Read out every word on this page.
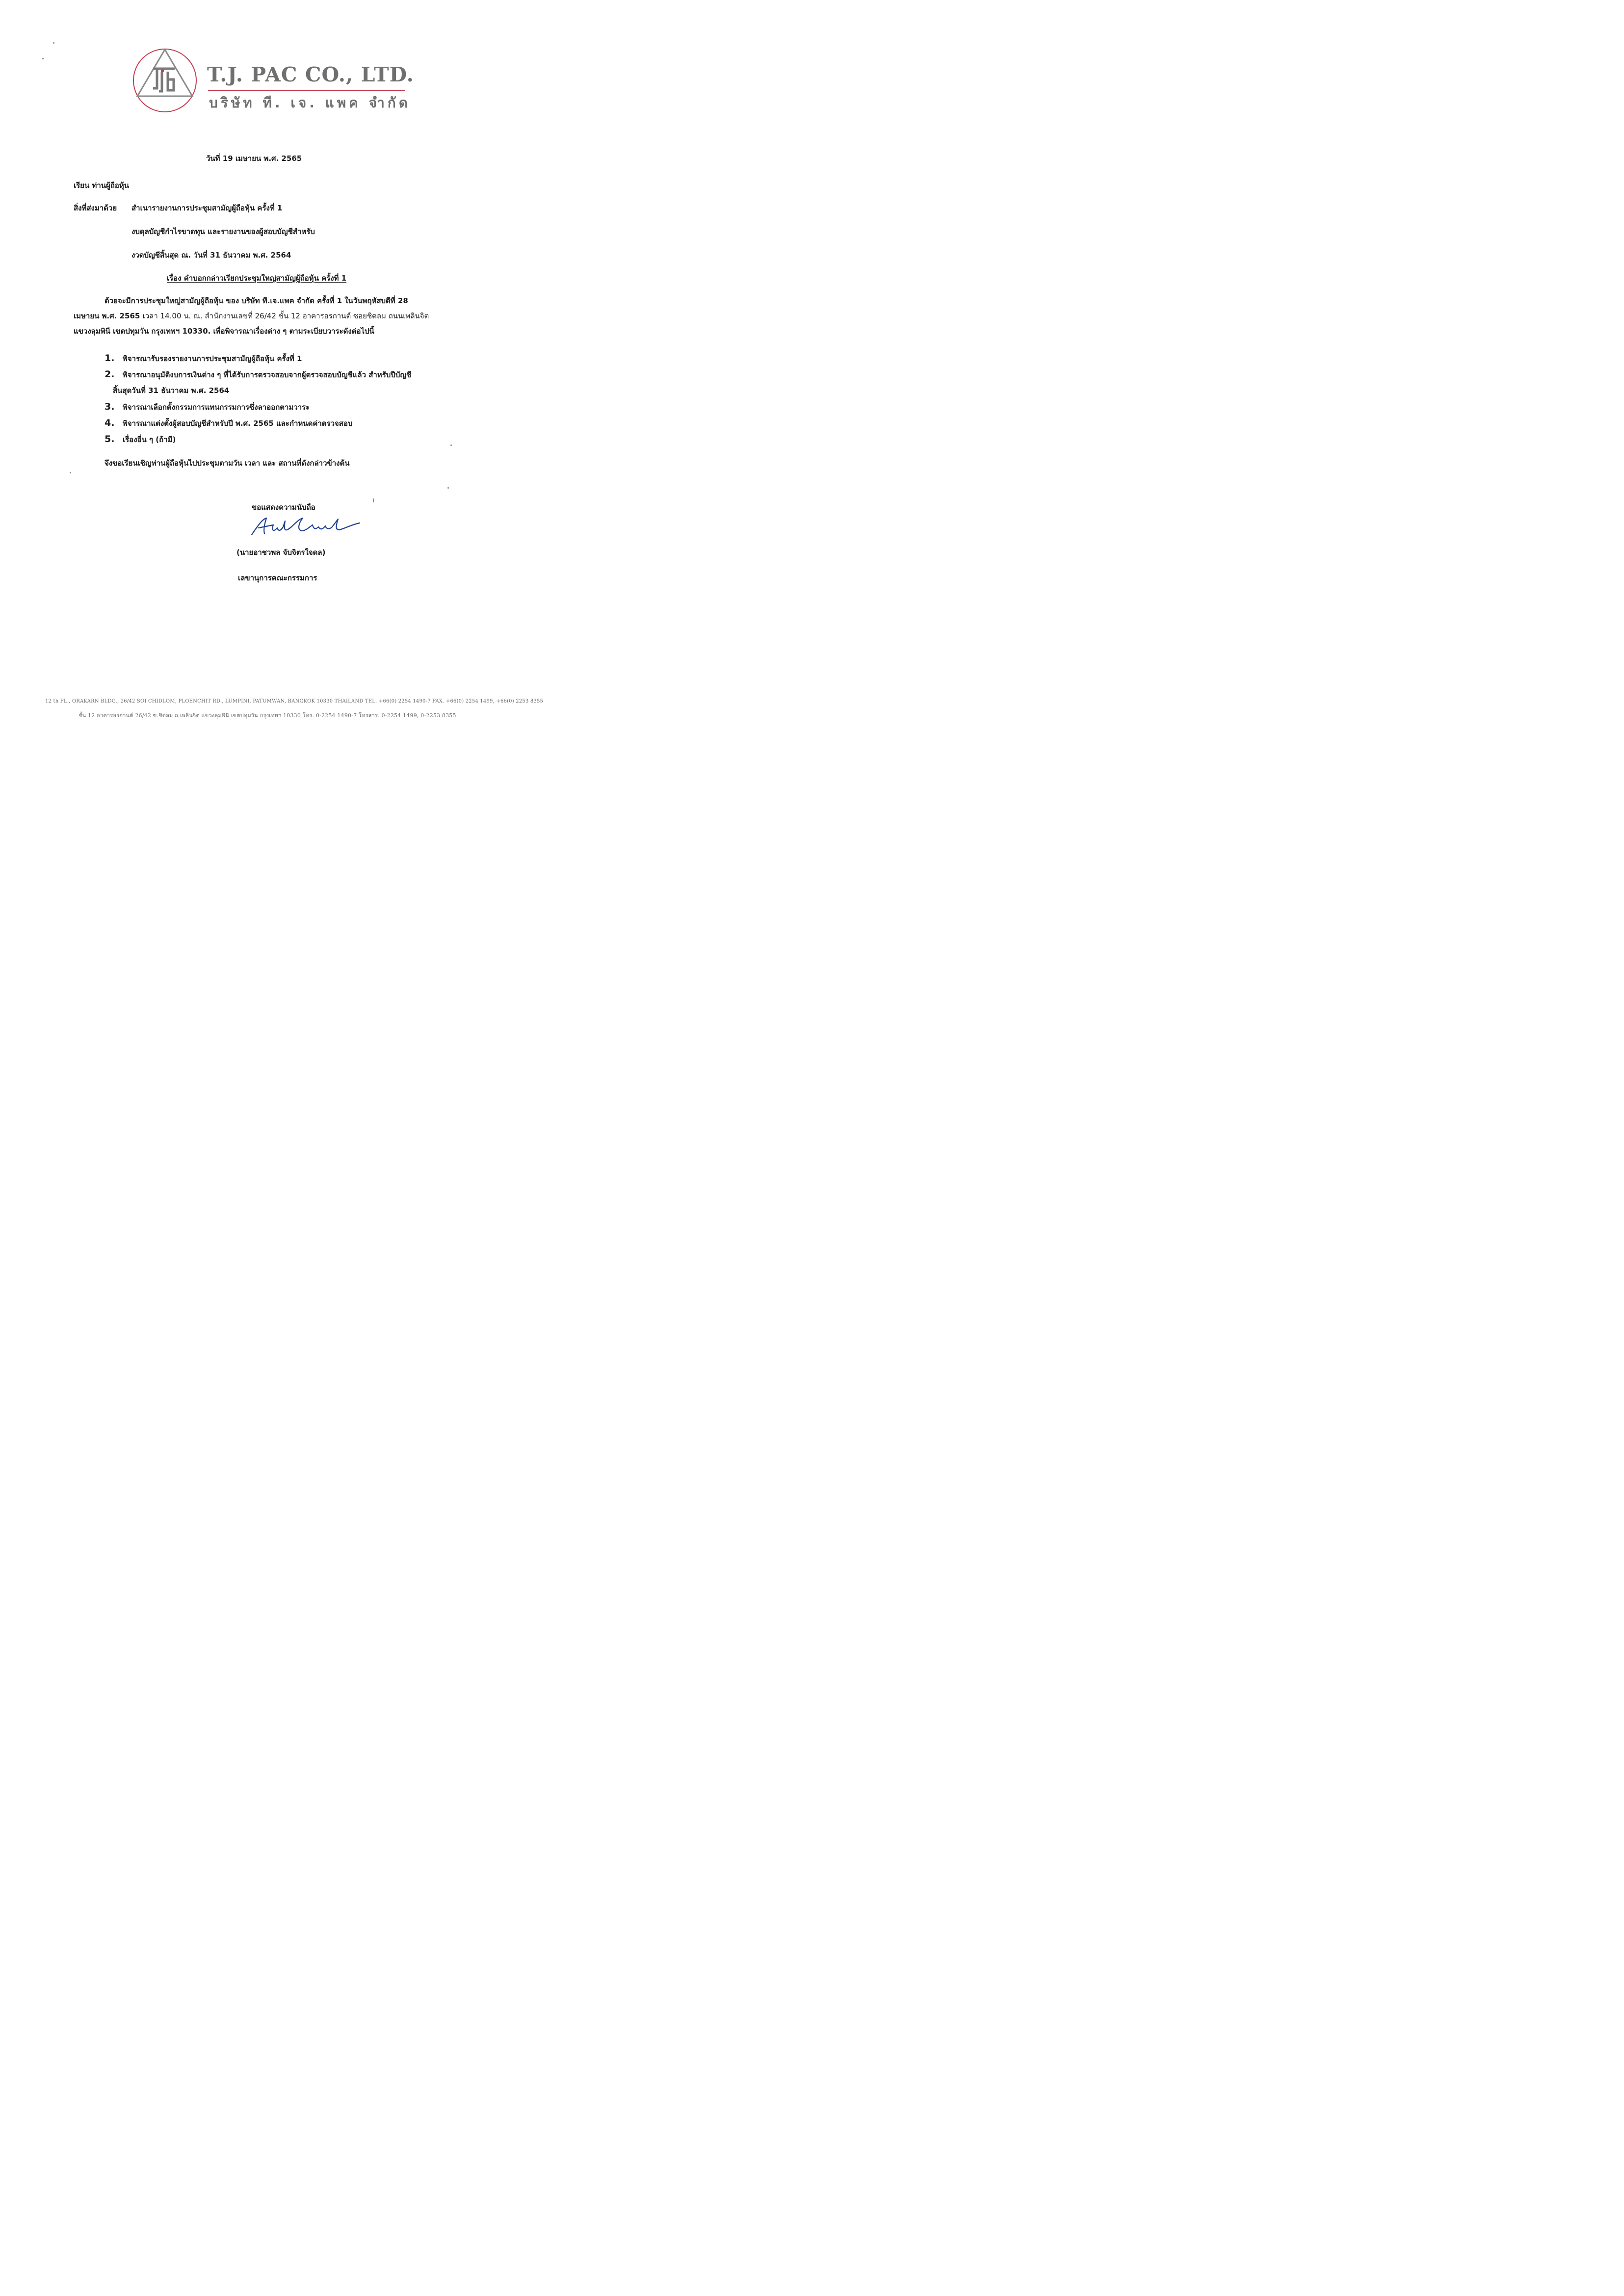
T.J. PAC CO., LTD.
บริษัท ที. เจ. แพค จำกัด
วันที่ 19 เมษายน พ.ศ. 2565
เรียน ท่านผู้ถือหุ้น
สิ่งที่ส่งมาด้วย สำเนารายงานการประชุมสามัญผู้ถือหุ้น ครั้งที่ 1
งบดุลบัญชีกำไรขาดทุน และรายงานของผู้สอบบัญชีสำหรับ
งวดบัญชีสิ้นสุด ณ. วันที่ 31 ธันวาคม พ.ศ. 2564
เรื่อง คำบอกกล่าวเรียกประชุมใหญ่สามัญผู้ถือหุ้น ครั้งที่ 1
ด้วยจะมีการประชุมใหญ่สามัญผู้ถือหุ้น ของ บริษัท ที.เจ.แพค จำกัด ครั้งที่ 1 ในวันพฤหัสบดีที่ 28
เมษายน พ.ศ. 2565 เวลา 14.00 น. ณ. สำนักงานเลขที่ 26/42 ชั้น 12 อาคารอรกานต์ ซอยชิดลม ถนนเพลินจิต
แขวงลุมพินี เขตปทุมวัน กรุงเทพฯ 10330. เพื่อพิจารณาเรื่องต่าง ๆ ตามระเบียบวาระดังต่อไปนี้
1. พิจารณารับรองรายงานการประชุมสามัญผู้ถือหุ้น ครั้งที่ 1
2. พิจารณาอนุมัติงบการเงินต่าง ๆ ที่ได้รับการตรวจสอบจากผู้ตรวจสอบบัญชีแล้ว สำหรับปีบัญชี
สิ้นสุดวันที่ 31 ธันวาคม พ.ศ. 2564
3. พิจารณาเลือกตั้งกรรมการแทนกรรมการซึ่งลาออกตามวาระ
4. พิจารณาแต่งตั้งผู้สอบบัญชีสำหรับปี พ.ศ. 2565 และกำหนดค่าตรวจสอบ
5. เรื่องอื่น ๆ (ถ้ามี)
จึงขอเรียนเชิญท่านผู้ถือหุ้นไปประชุมตามวัน เวลา และ สถานที่ดังกล่าวข้างต้น
ขอแสดงความนับถือ
(นายอาชวพล จับจิตรใจดล)
เลขานุการคณะกรรมการ
12 th FL., ORAKARN BLDG., 26/42 SOI CHIDLOM, PLOENCHIT RD., LUMPINI, PATUMWAN, BANGKOK 10330 THAILAND TEL. +66(0) 2254 1490-7 FAX. +66(0) 2254 1499, +66(0) 2253 8355
ชั้น 12 อาคารอรกานต์ 26/42 ซ.ชิดลม ถ.เพลินจิต แขวงลุมพินี เขตปทุมวัน กรุงเทพฯ 10330 โทร. 0-2254 1490-7 โทรสาร. 0-2254 1499, 0-2253 8355
